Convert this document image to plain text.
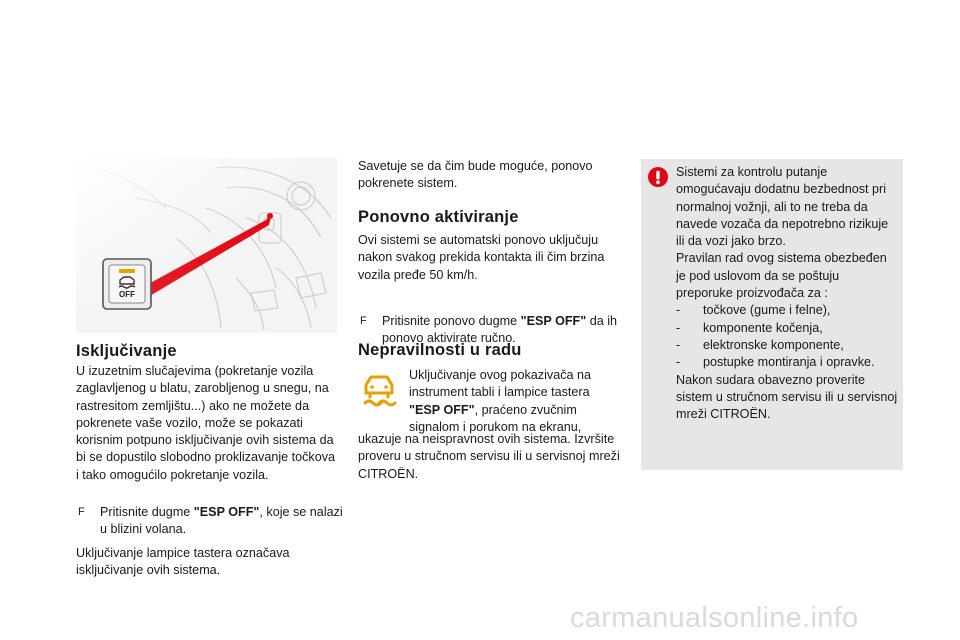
OFF
Isključivanje

U izuzetnim slučajevima (pokretanje vozila zaglavljenog u blatu, zarobljenog u snegu, na rastresitom zemljištu...) ako ne možete da pokrenete vaše vozilo, može se pokazati korisnim potpuno isključivanje ovih sistema da bi se dopustilo slobodno proklizavanje točkova i tako omogućilo pokretanje vozila.

F Pritisnite dugme "ESP OFF", koje se nalazi u blizini volana.

Uključivanje lampice tastera označava isključivanje ovih sistema.

Savetuje se da čim bude moguće, ponovo pokrenete sistem.

Ponovno aktiviranje

Ovi sistemi se automatski ponovo uključuju nakon svakog prekida kontakta ili čim brzina vozila pređe 50 km/h.

F Pritisnite ponovo dugme "ESP OFF" da ih ponovo aktivirate ručno.
Nepravilnosti u radu

Uključivanje ovog pokazivača na instrument tabli i lampice tastera "ESP OFF", praćeno zvučnim signalom i porukom na ekranu,

ukazuje na neispravnost ovih sistema. Izvršite proveru u stručnom servisu ili u servisnoj mreži CITROËN.

Sistemi za kontrolu putanje omogućavaju dodatnu bezbednost pri normalnoj vožnji, ali to ne treba da navede vozača da nepotrebno rizikuje ili da vozi jako brzo.

Pravilan rad ovog sistema obezbeđen je pod uslovom da se poštuju preporuke proizvođača za :

- točkove (gume i felne),
- komponente kočenja,
- elektronske komponente,
- postupke montiranja i opravke.

Nakon sudara obavezno proverite sistem u stručnom servisu ili u servisnoj mreži CITROËN.

carmanualsonline.info
